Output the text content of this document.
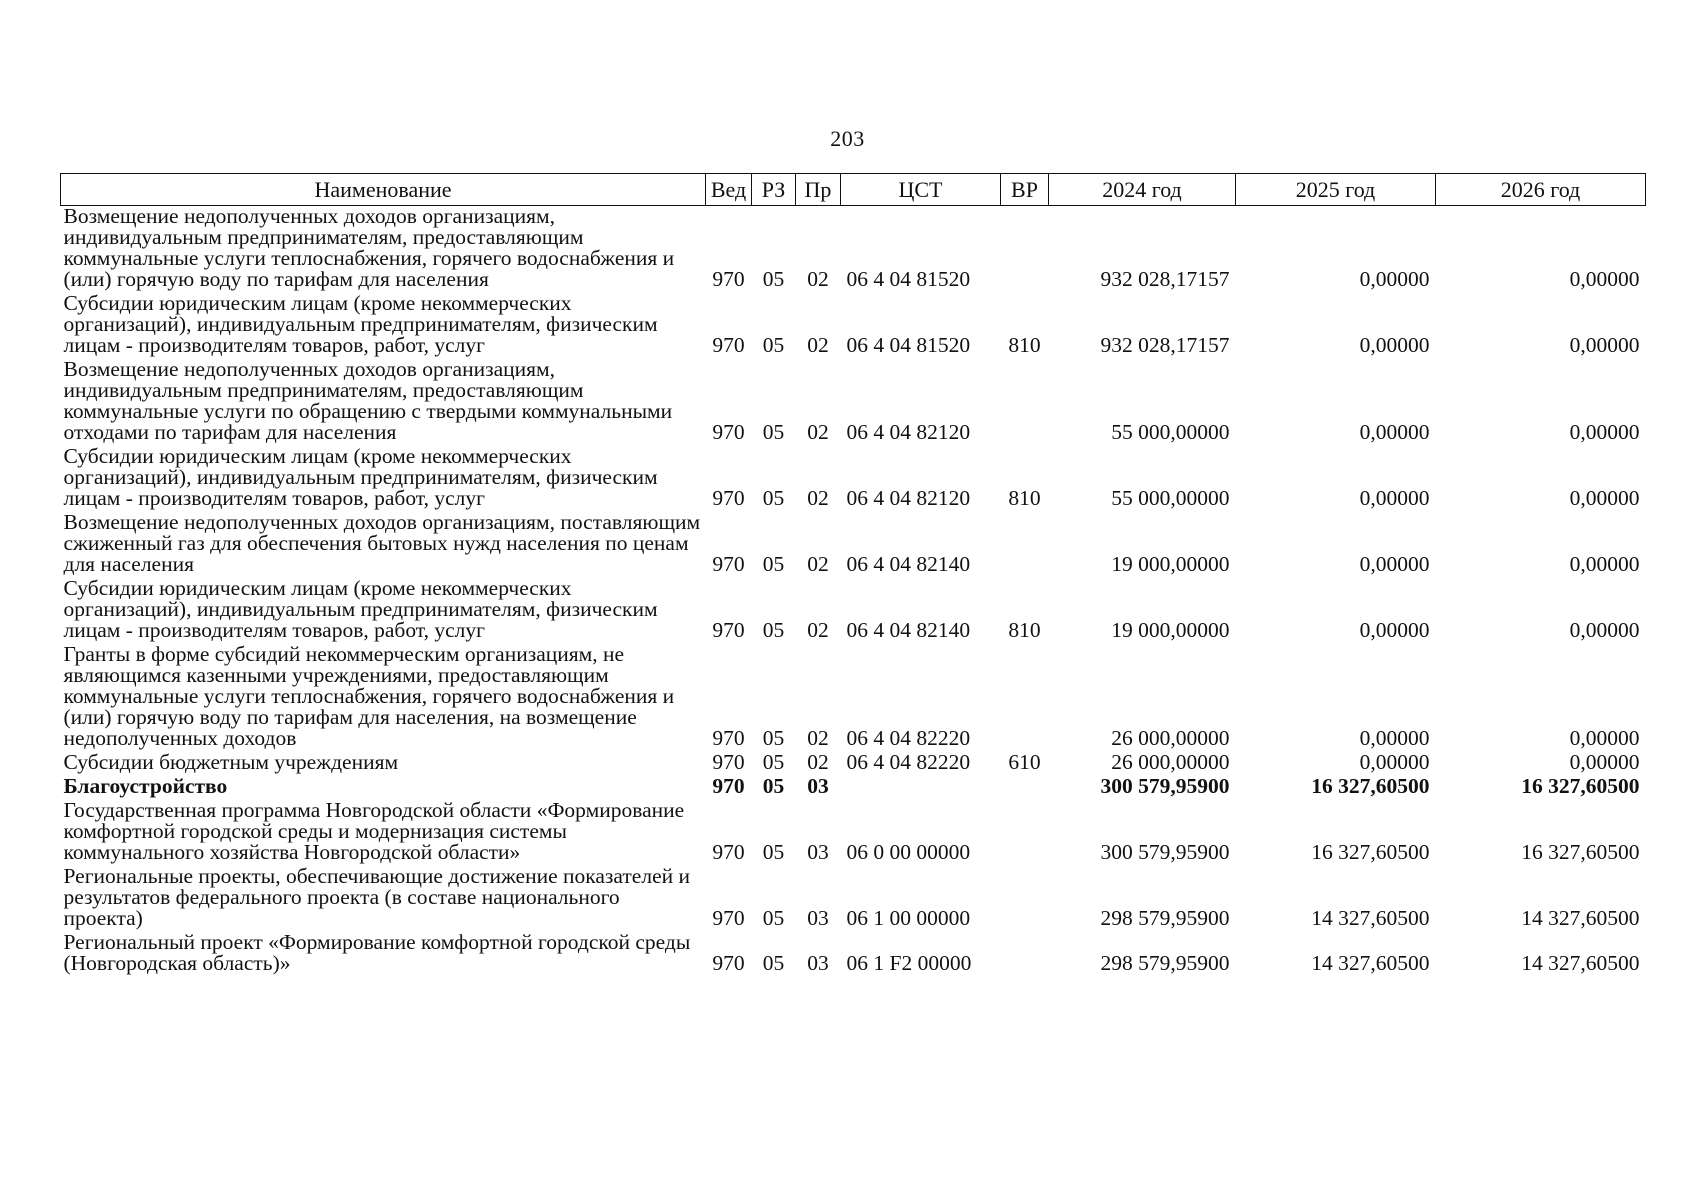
203
Наименование	Вед	РЗ	Пр	ЦСТ	ВР	2024 год	2025 год	2026 год
Возмещение недополученных доходов организациям, индивидуальным предпринимателям, предоставляющим коммунальные услуги теплоснабжения, горячего водоснабжения и (или) горячую воду по тарифам для населения	970	05	02	06 4 04 81520		932 028,17157	0,00000	0,00000
Субсидии юридическим лицам (кроме некоммерческих организаций), индивидуальным предпринимателям, физическим лицам - производителям товаров, работ, услуг	970	05	02	06 4 04 81520	810	932 028,17157	0,00000	0,00000
Возмещение недополученных доходов организациям, индивидуальным предпринимателям, предоставляющим коммунальные услуги по обращению с твердыми коммунальными отходами по тарифам для населения	970	05	02	06 4 04 82120		55 000,00000	0,00000	0,00000
Субсидии юридическим лицам (кроме некоммерческих организаций), индивидуальным предпринимателям, физическим лицам - производителям товаров, работ, услуг	970	05	02	06 4 04 82120	810	55 000,00000	0,00000	0,00000
Возмещение недополученных доходов организациям, поставляющим сжиженный газ для обеспечения бытовых нужд населения по ценам для населения	970	05	02	06 4 04 82140		19 000,00000	0,00000	0,00000
Субсидии юридическим лицам (кроме некоммерческих организаций), индивидуальным предпринимателям, физическим лицам - производителям товаров, работ, услуг	970	05	02	06 4 04 82140	810	19 000,00000	0,00000	0,00000
Гранты в форме субсидий некоммерческим организациям, не являющимся казенными учреждениями, предоставляющим коммунальные услуги теплоснабжения, горячего водоснабжения и (или) горячую воду по тарифам для населения, на возмещение недополученных доходов	970	05	02	06 4 04 82220		26 000,00000	0,00000	0,00000
Субсидии бюджетным учреждениям	970	05	02	06 4 04 82220	610	26 000,00000	0,00000	0,00000
Благоустройство	970	05	03			300 579,95900	16 327,60500	16 327,60500
Государственная программа Новгородской области «Формирование комфортной городской среды и модернизация системы коммунального хозяйства Новгородской области»	970	05	03	06 0 00 00000		300 579,95900	16 327,60500	16 327,60500
Региональные проекты, обеспечивающие достижение показателей и результатов федерального проекта (в составе национального проекта)	970	05	03	06 1 00 00000		298 579,95900	14 327,60500	14 327,60500
Региональный проект «Формирование комфортной городской среды (Новгородская область)»	970	05	03	06 1 F2 00000		298 579,95900	14 327,60500	14 327,60500
